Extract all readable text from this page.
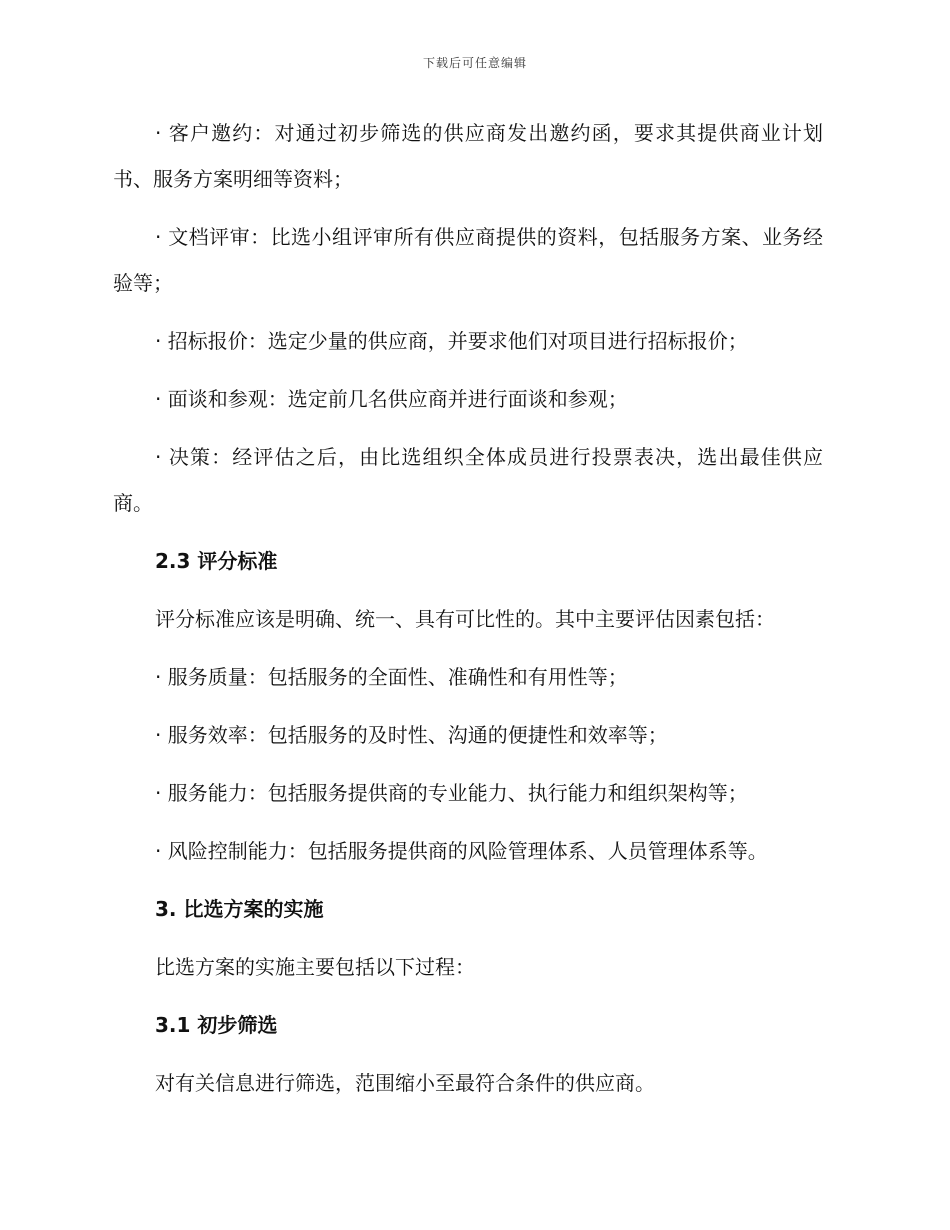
下载后可任意编辑

· 客户邀约：对通过初步筛选的供应商发出邀约函，要求其提供商业计划书、服务方案明细等资料；

· 文档评审：比选小组评审所有供应商提供的资料，包括服务方案、业务经验等；

· 招标报价：选定少量的供应商，并要求他们对项目进行招标报价；

· 面谈和参观：选定前几名供应商并进行面谈和参观；

· 决策：经评估之后，由比选组织全体成员进行投票表决，选出最佳供应商。

2.3 评分标准

评分标准应该是明确、统一、具有可比性的。其中主要评估因素包括：

· 服务质量：包括服务的全面性、准确性和有用性等；

· 服务效率：包括服务的及时性、沟通的便捷性和效率等；

· 服务能力：包括服务提供商的专业能力、执行能力和组织架构等；

· 风险控制能力：包括服务提供商的风险管理体系、人员管理体系等。

3. 比选方案的实施

比选方案的实施主要包括以下过程：

3.1 初步筛选

对有关信息进行筛选，范围缩小至最符合条件的供应商。
